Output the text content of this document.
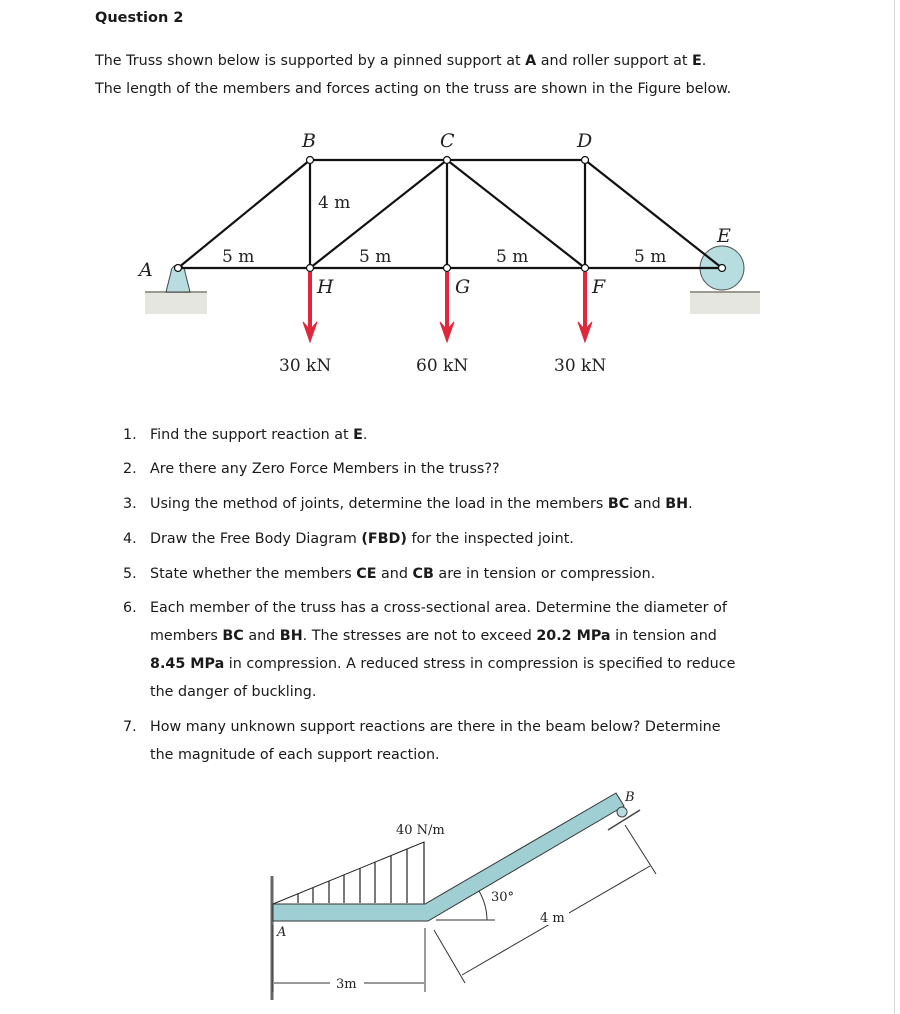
Question 2
The Truss shown below is supported by a pinned support at A and roller support at E.
The length of the members and forces acting on the truss are shown in the Figure below.
A
B	C	D
E
H	G	F
4 m
5 m	5 m	5 m	5 m
30 kN	60 kN	30 kN
40 N/m
30°
4 m
3m
A
B
1. Find the support reaction at E.
2. Are there any Zero Force Members in the truss??
3. Using the method of joints, determine the load in the members BC and BH.
4. Draw the Free Body Diagram (FBD) for the inspected joint.
5. State whether the members CE and CB are in tension or compression.
6. Each member of the truss has a cross-sectional area. Determine the diameter of
members BC and BH. The stresses are not to exceed 20.2 MPa in tension and
8.45 MPa in compression. A reduced stress in compression is specified to reduce
the danger of buckling.
7. How many unknown support reactions are there in the beam below? Determine
the magnitude of each support reaction.
